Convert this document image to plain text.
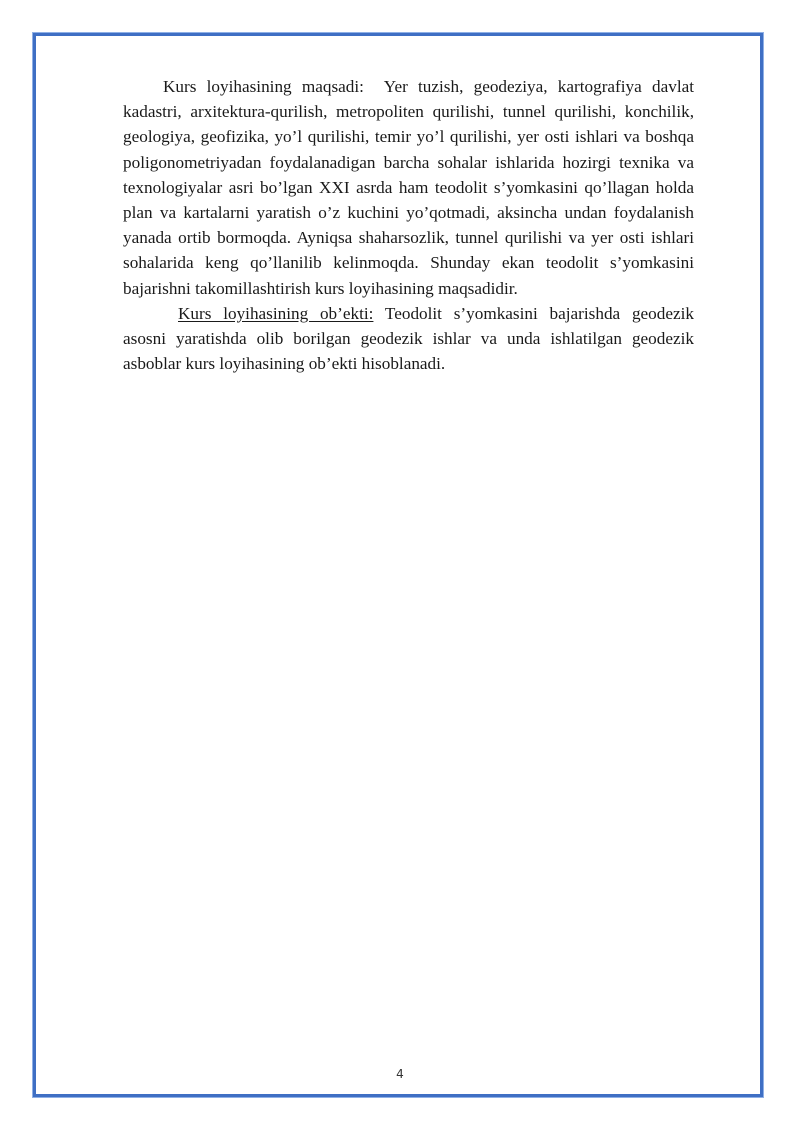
Kurs loyihasining maqsadi: Yer tuzish, geodeziya, kartografiya davlat kadastri, arxitektura-qurilish, metropoliten qurilishi, tunnel qurilishi, konchilik, geologiya, geofizika, yo’l qurilishi, temir yo’l qurilishi, yer osti ishlari va boshqa poligonometriyadan foydalanadigan barcha sohalar ishlarida hozirgi texnika va texnologiyalar asri bo’lgan XXI asrda ham teodolit s’yomkasini qo’llagan holda plan va kartalarni yaratish o’z kuchini yo’qotmadi, aksincha undan foydalanish yanada ortib bormoqda. Ayniqsa shaharsozlik, tunnel qurilishi va yer osti ishlari sohalarida keng qo’llanilib kelinmoqda. Shunday ekan teodolit s’yomkasini bajarishni takomillashtirish kurs loyihasining maqsadidir.

Kurs loyihasining ob’ekti: Teodolit s’yomkasini bajarishda geodezik asosni yaratishda olib borilgan geodezik ishlar va unda ishlatilgan geodezik asboblar kurs loyihasining ob’ekti hisoblanadi.

4
